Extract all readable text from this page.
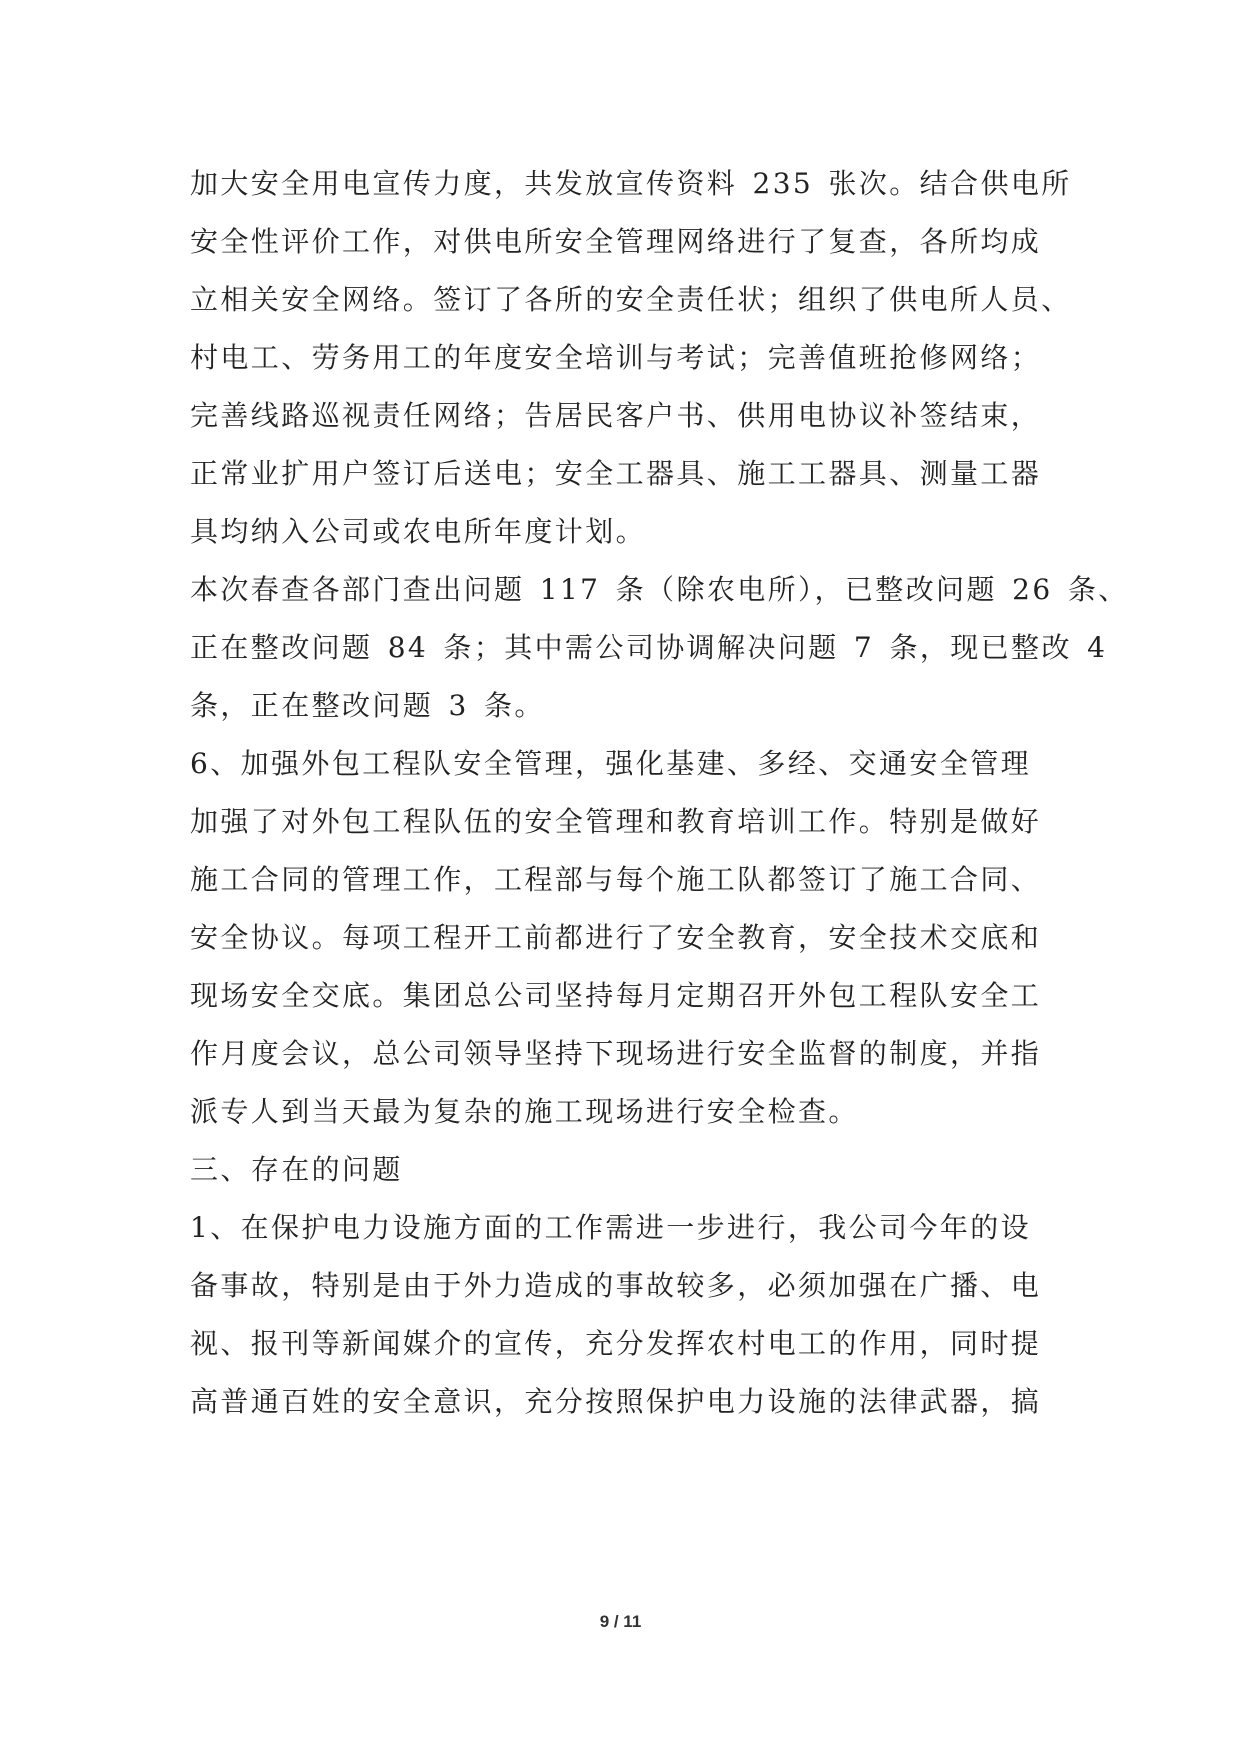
加大安全用电宣传力度，共发放宣传资料 235 张次。结合供电所
安全性评价工作，对供电所安全管理网络进行了复查，各所均成
立相关安全网络。签订了各所的安全责任状；组织了供电所人员、
村电工、劳务用工的年度安全培训与考试；完善值班抢修网络；
完善线路巡视责任网络；告居民客户书、供用电协议补签结束，
正常业扩用户签订后送电；安全工器具、施工工器具、测量工器
具均纳入公司或农电所年度计划。
本次春查各部门查出问题 117 条（除农电所），已整改问题 26 条、
正在整改问题 84 条；其中需公司协调解决问题 7 条，现已整改 4
条，正在整改问题 3 条。
6、加强外包工程队安全管理，强化基建、多经、交通安全管理
加强了对外包工程队伍的安全管理和教育培训工作。特别是做好
施工合同的管理工作，工程部与每个施工队都签订了施工合同、
安全协议。每项工程开工前都进行了安全教育，安全技术交底和
现场安全交底。集团总公司坚持每月定期召开外包工程队安全工
作月度会议，总公司领导坚持下现场进行安全监督的制度，并指
派专人到当天最为复杂的施工现场进行安全检查。
三、存在的问题
1、在保护电力设施方面的工作需进一步进行，我公司今年的设
备事故，特别是由于外力造成的事故较多，必须加强在广播、电
视、报刊等新闻媒介的宣传，充分发挥农村电工的作用，同时提
高普通百姓的安全意识，充分按照保护电力设施的法律武器，搞
9 / 11
